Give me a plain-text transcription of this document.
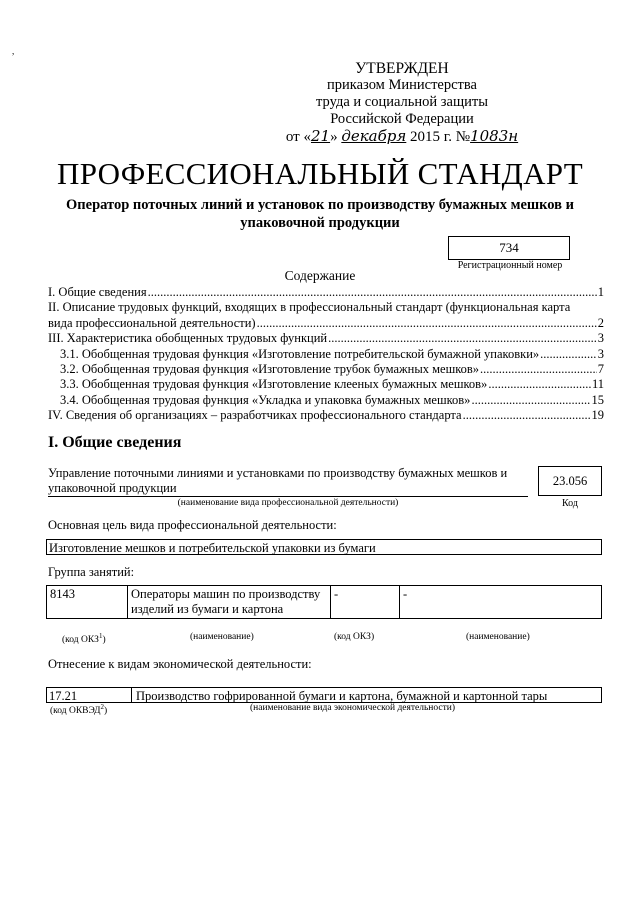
,
УТВЕРЖДЕН
приказом Министерства
труда и социальной защиты
Российской Федерации
от «21» декабря 2015 г. №1083н
ПРОФЕССИОНАЛЬНЫЙ СТАНДАРТ
Оператор поточных линий и установок по производству бумажных мешков и упаковочной продукции
734
Регистрационный номер
Содержание
I. Общие сведения .....	1
II. Описание трудовых функций, входящих в профессиональный стандарт (функциональная карта
вида профессиональной деятельности) .....	2
III. Характеристика обобщенных трудовых функций .....	3
3.1. Обобщенная трудовая функция «Изготовление потребительской бумажной упаковки» .....	3
3.2. Обобщенная трудовая функция «Изготовление трубок бумажных мешков» .....	7
3.3. Обобщенная трудовая функция «Изготовление клееных бумажных мешков» .....	11
3.4. Обобщенная трудовая функция «Укладка и упаковка бумажных мешков» .....	15
IV. Сведения об организациях – разработчиках профессионального стандарта .....	19
I. Общие сведения
Управление поточными линиями и установками по производству бумажных мешков и упаковочной продукции
(наименование вида профессиональной деятельности)
23.056
Код
Основная цель вида профессиональной деятельности:
Изготовление мешков и потребительской упаковки из бумаги
Группа занятий:
8143	Операторы машин по производству изделий из бумаги и картона	-	-
(код ОКЗ$^1$)	(наименование)	(код ОКЗ)	(наименование)
Отнесение к видам экономической деятельности:
17.21	Производство гофрированной бумаги и картона, бумажной и картонной тары
(код ОКВЭД$^2$)	(наименование вида экономической деятельности)
